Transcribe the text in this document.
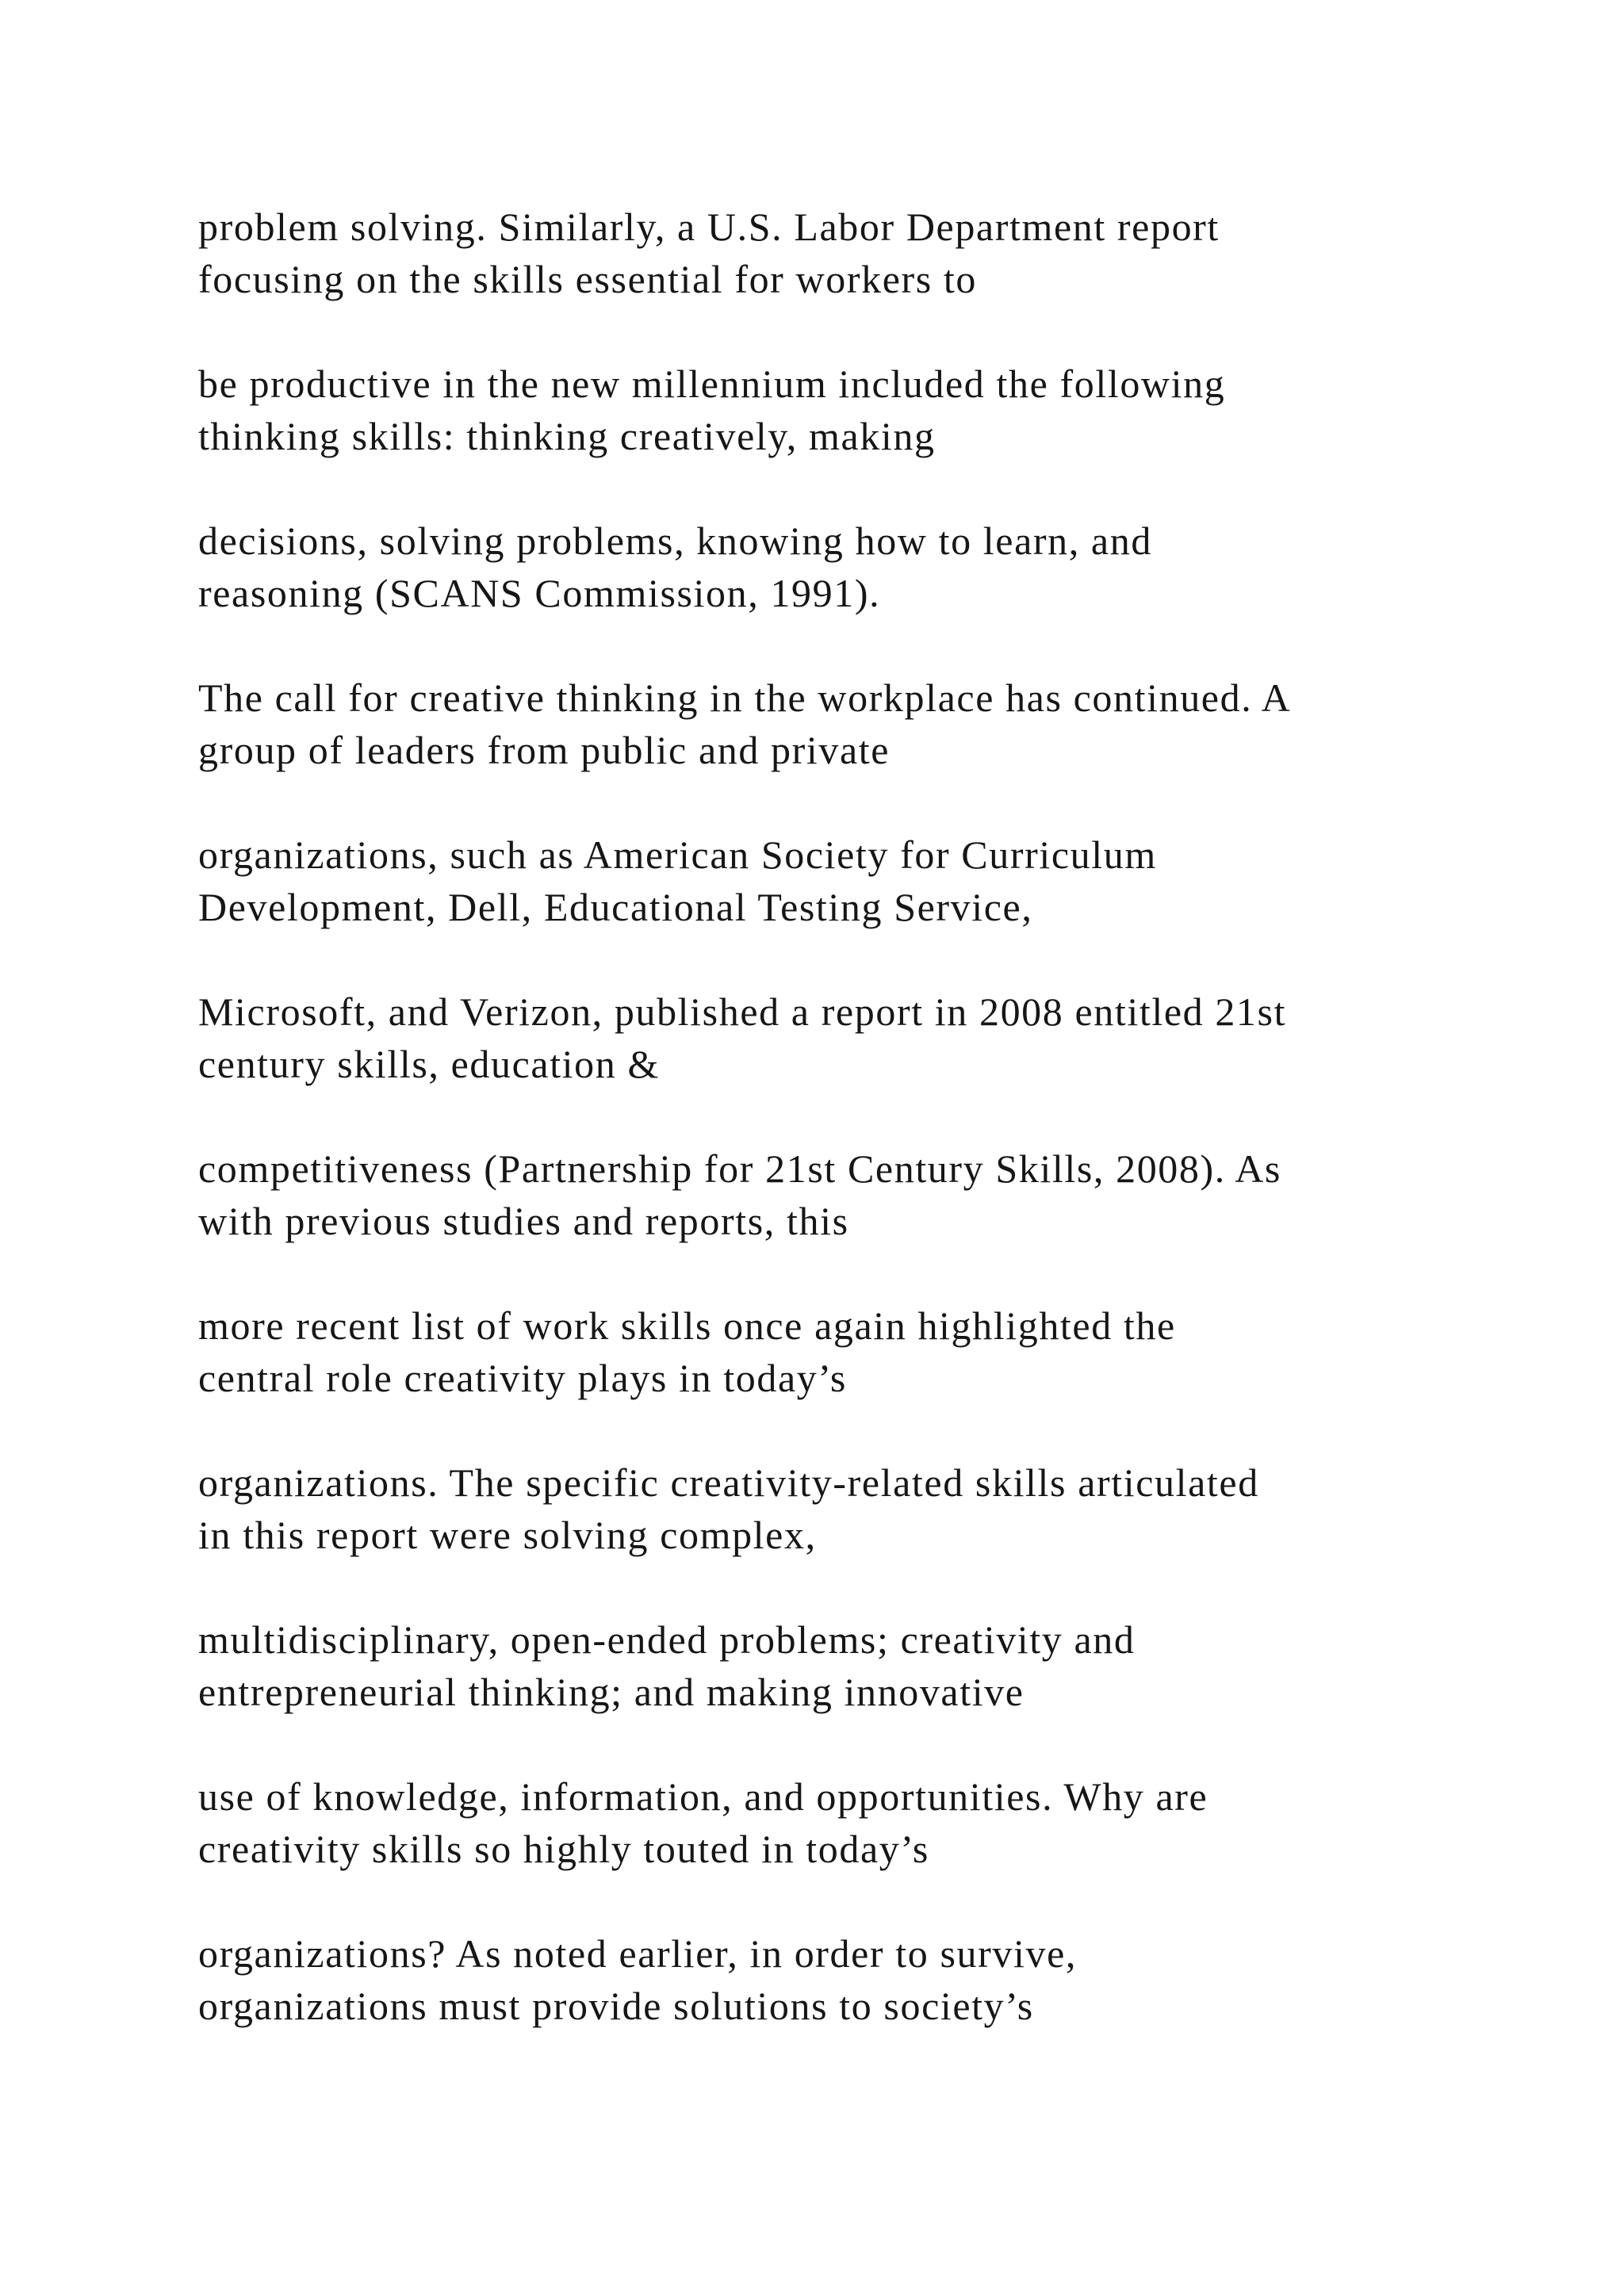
problem solving. Similarly, a U.S. Labor Department report
focusing on the skills essential for workers to

be productive in the new millennium included the following
thinking skills: thinking creatively, making

decisions, solving problems, knowing how to learn, and
reasoning (SCANS Commission, 1991).

The call for creative thinking in the workplace has continued. A
group of leaders from public and private

organizations, such as American Society for Curriculum
Development, Dell, Educational Testing Service,

Microsoft, and Verizon, published a report in 2008 entitled 21st
century skills, education &

competitiveness (Partnership for 21st Century Skills, 2008). As
with previous studies and reports, this

more recent list of work skills once again highlighted the
central role creativity plays in today’s

organizations. The specific creativity-related skills articulated
in this report were solving complex,

multidisciplinary, open-ended problems; creativity and
entrepreneurial thinking; and making innovative

use of knowledge, information, and opportunities. Why are
creativity skills so highly touted in today’s

organizations? As noted earlier, in order to survive,
organizations must provide solutions to society’s
